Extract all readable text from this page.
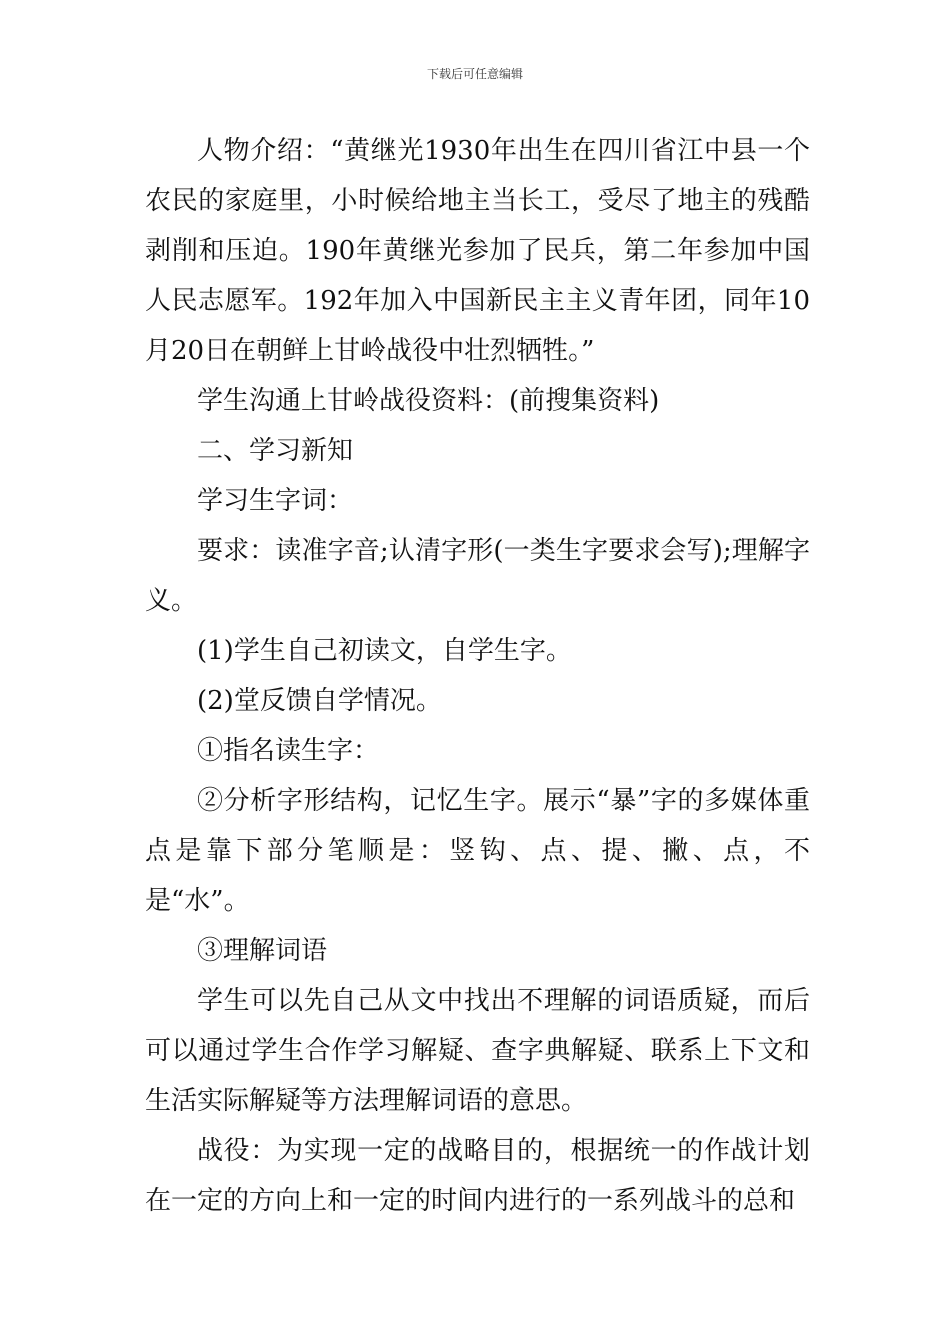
下载后可任意编辑

人物介绍：“黄继光1930年出生在四川省江中县一个农民的家庭里，小时候给地主当长工，受尽了地主的残酷剥削和压迫。190年黄继光参加了民兵，第二年参加中国人民志愿军。192年加入中国新民主主义青年团，同年10月20日在朝鲜上甘岭战役中壮烈牺牲。”

学生沟通上甘岭战役资料：(前搜集资料)

二、学习新知

学习生字词：

要求：读准字音;认清字形(一类生字要求会写);理解字义。

(1)学生自己初读文，自学生字。

(2)堂反馈自学情况。

①指名读生字：

②分析字形结构，记忆生字。展示“暴”字的多媒体重点是靠下部分笔顺是：竖钩、点、提、撇、点，不是“水”。

③理解词语

学生可以先自己从文中找出不理解的词语质疑，而后可以通过学生合作学习解疑、查字典解疑、联系上下文和生活实际解疑等方法理解词语的意思。

战役：为实现一定的战略目的，根据统一的作战计划在一定的方向上和一定的时间内进行的一系列战斗的总和
